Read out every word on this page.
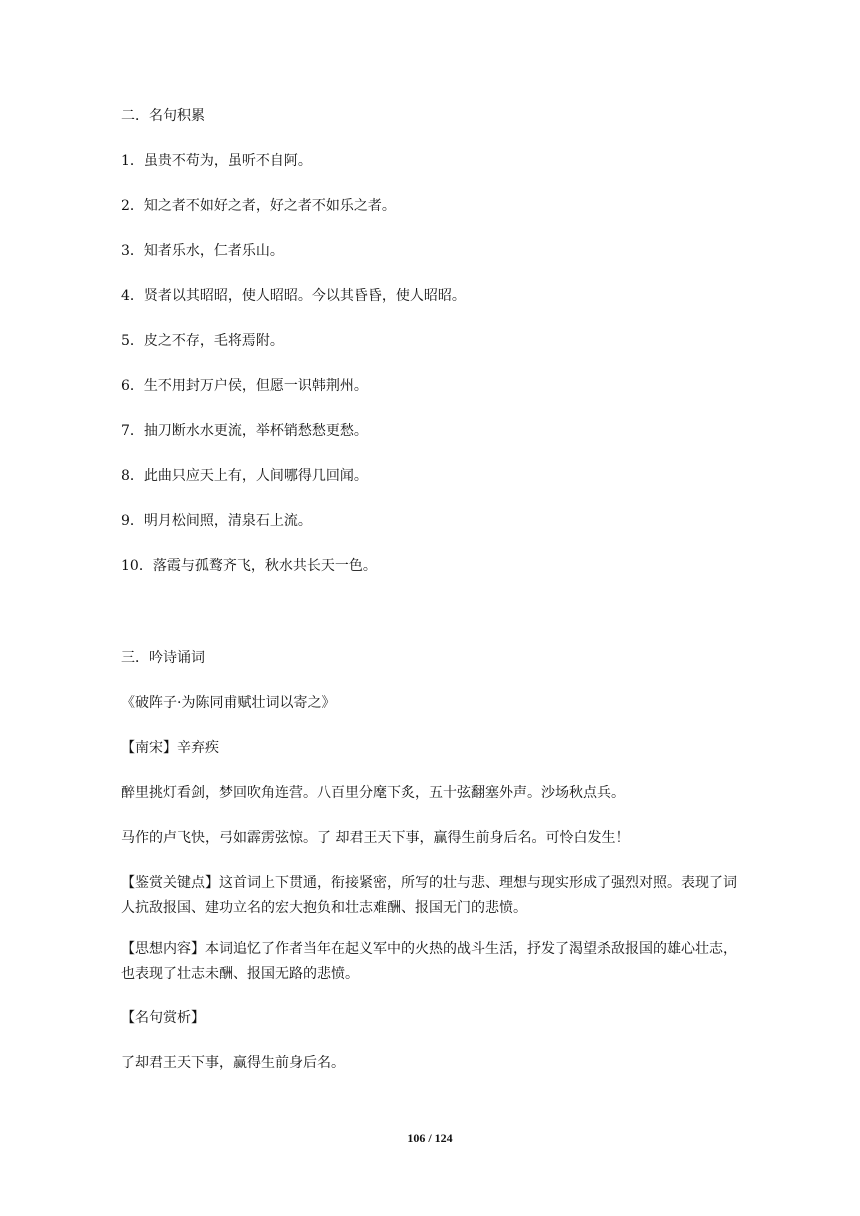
二．名句积累
1．虽贵不苟为，虽听不自阿。
2．知之者不如好之者，好之者不如乐之者。
3．知者乐水，仁者乐山。
4．贤者以其昭昭，使人昭昭。今以其昏昏，使人昭昭。
5．皮之不存，毛将焉附。
6．生不用封万户侯，但愿一识韩荆州。
7．抽刀断水水更流，举杯销愁愁更愁。
8．此曲只应天上有，人间哪得几回闻。
9．明月松间照，清泉石上流。
10．落霞与孤鹜齐飞，秋水共长天一色。
三．吟诗诵词
《破阵子·为陈同甫赋壮词以寄之》
【南宋】辛弃疾
醉里挑灯看剑，梦回吹角连营。八百里分麾下炙，五十弦翻塞外声。沙场秋点兵。
马作的卢飞快，弓如霹雳弦惊。了 却君王天下事，赢得生前身后名。可怜白发生！
【鉴赏关键点】这首词上下贯通，衔接紧密，所写的壮与悲、理想与现实形成了强烈对照。表现了词人抗敌报国、建功立名的宏大抱负和壮志难酬、报国无门的悲愤。
【思想内容】本词追忆了作者当年在起义军中的火热的战斗生活，抒发了渴望杀敌报国的雄心壮志，也表现了壮志未酬、报国无路的悲愤。
【名句赏析】
了却君王天下事，赢得生前身后名。
106 / 124
